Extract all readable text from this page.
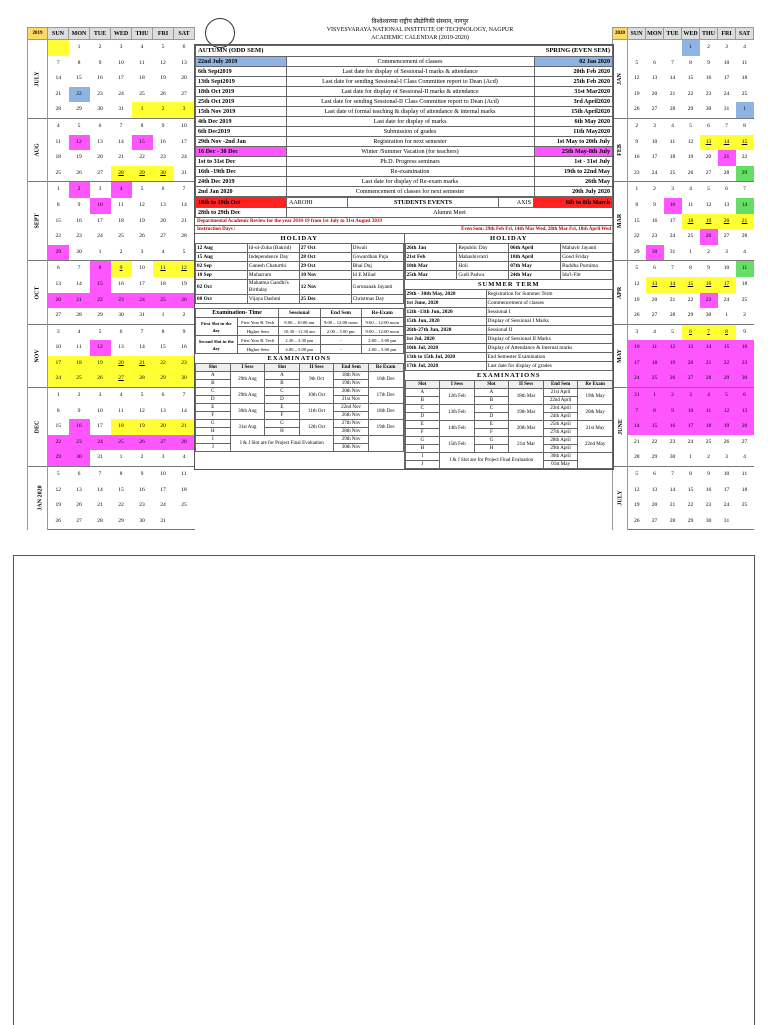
2019	SUN	MON	TUE	WED	THU	FRI	SAT
JULY		1	2	3	4	5	6
	7	8	9	10	11	12	13
	14	15	16	17	18	19	20
	21	22	23	24	25	26	27
	28	29	30	31	1	2	3
AUG	4	5	6	7	8	9	10
	11	12	13	14	15	16	17
	18	19	20	21	22	23	24
	25	26	27	28	29	30	31
SEPT	1	2	3	4	5	6	7
	8	9	10	11	12	13	14
	15	16	17	18	19	20	21
	22	23	24	25	26	27	28
	29	30	1	2	3	4	5
OCT	6	7	8	9	10	11	12
	13	14	15	16	17	18	19
	20	21	22	23	24	25	26
	27	28	29	30	31	1	2
NOV	3	4	5	6	7	8	9
	10	11	12	13	14	15	16
	17	18	19	20	21	22	23
	24	25	26	27	28	29	30
DEC	1	2	3	4	5	6	7
	8	9	10	11	12	13	14
	15	16	17	18	19	20	21
	22	23	24	25	26	27	28
	29	30	31	1	2	3	4
JAN 2020	5	6	7	8	9	10	11
	12	13	14	15	16	17	18
	19	20	21	22	23	24	25
	26	27	28	29	30	31	
2020	SUN	MON	TUE	WED	THU	FRI	SAT
JAN				1	2	3	4
	5	6	7	8	9	10	11
	12	13	14	15	16	17	18
	19	20	21	22	23	24	25
	26	27	28	29	30	31	1
FEB	2	3	4	5	6	7	8
	9	10	11	12	13	14	15
	16	17	18	19	20	21	22
	23	24	25	26	27	28	29
MAR	1	2	3	4	5	6	7
	8	9	10	11	12	13	14
	15	16	17	18	19	20	21
	22	23	24	25	26	27	28
	29	30	31	1	2	3	4
APR	5	6	7	8	9	10	11
	12	13	14	15	16	17	18
	19	20	21	22	23	24	25
	26	27	28	29	30	1	2
MAY	3	4	5	6	7	8	9
	10	11	12	13	14	15	16
	17	18	19	20	21	22	23
	24	25	26	27	28	29	30
JUNE	31	1	2	3	4	5	6
	7	8	9	10	11	12	13
	14	15	16	17	18	19	20
	21	22	23	24	25	26	27
	28	29	30	1	2	3	4
JULY	5	6	7	8	9	10	11
	12	13	14	15	16	17	18
	19	20	21	22	23	24	25
	26	27	28	29	30	31	
विश्वेश्वरय्या राष्ट्रीय प्रौद्योगिकी संस्थान, नागपुर
VISVESVARAYA NATIONAL INSTITUTE OF TECHNOLOGY, NAGPUR
ACADEMIC CALENDAR (2019-2020)
AUTUMN (ODD SEM)		SPRING (EVEN SEM)
22nd July 2019	Commencement of classes	02 Jan 2020
6th Sept2019	Last date for display of Sessional-I marks & attendance	20th Feb 2020
13th Sept2019	Last date for sending Sessional-I Class Committee report to Dean (Acd)	25th Feb 2020
18th Oct 2019	Last date for display of Sessional-II marks & attendance	31st Mar2020
25th Oct 2019	Last date for sending Sessional-II Class Committee report to Dean (Acd)	3rd April2020
15th Nov 2019	Last date of formal teaching & display of attendance & internal marks	15th April2020
4th Dec 2019	Last date for display of marks	6th May 2020
6th Dec2019	Submission of grades	11th May2020
29th Nov -2nd Jan	Registration for next semester	1st May to 20th July
16 Dec - 30 Dec	Winter /Summer Vacation (for teachers)	25th May-8th July
1st to 31st Dec	Ph.D. Progress seminars	1st - 31st July
16th -19th Dec	Re-examination	19th to 22nd May
24th Dec 2019	Last date for display of Re-exam marks	26th May
2nd Jan 2020	Commencement of classes for next semester	20th July 2020
18th to 19th Oct	AAROHI	STUDENTS EVENTS	AXIS	6th to 8th March
28th to 29th Dec	Alumni Meet			
Departmental Academic Review for the year 2018-19 from 1st July to 31st August 2019
Instruction Days :	Even Sem: 29th Feb Fri, 14th Mar Wed, 28th Mar Fri, 18th April Wed
HOLIDAY
12 Aug	Id-ul-Zuha (Bakrid)	27 Oct	Diwali
15 Aug	Independence Day	28 Oct	Gowardhan Puja
02 Sep	Ganesh Chaturthi	29 Oct	Bhai Duj
10 Sep	Muharram	10 Nov	Id E Milad
02 Oct	Mahatma Gandhi's Birthday	12 Nov	Gurunanak Jayanti
08 Oct	Vijaya Dashmi	25 Dec	Christmas Day
Examination- Time		Sessional	End Sem	Re-Exam
First Slot in the day	First Year B. Tech	9:00 – 10:00 am	9:00 – 12:00 noon	9:00 – 12:00 noon
	Higher Sem	10.30 - 11.30 am	2.00 – 5.00 pm	9:00 – 12:00 noon
Second Slot in the day	First Year B. Tech	2.30 – 3.30 pm	-	2:00 – 5:00 pm
	Higher Sem	4.00 – 5.00 pm	-	2:00 – 5:00 pm
EXAMINATIONS
Slot	I Sess	Slot	II Sess	End Sem	Re Exam
A	29th Aug	A	9th Oct	18th Nov	16th Dec
B		B		19th Nov	
C	29th Aug	C	10th Oct	20th Nov	17th Dec
D		D		21st Nov	
E	30th Aug	E	11th Oct	22nd Nov	18th Dec
F		F		26th Nov	
G	31st Aug	G	12th Oct	27th Nov	19th Dec
H		H		28th Nov	
I	I & J Slot are for Project Final Evaluation			29th Nov	
J				30th Nov	
HOLIDAY
26th Jan	Republic Day	06th April	Mahavir Jayanti
21st Feb	Mahashivratri	10th April	Good Friday
10th Mar	Holi	07th May	Buddha Purnima
25th Mar	Gudi Padwa	24th May	Idu'l-Fitr
SUMMER TERM
29th - 30th May, 2020	Registration for Summer Term
1st June, 2020	Commencement of classes
12th -13th Jun, 2020	Sessional I
15th Jun, 2020	Display of Sessional I Marks
26th-27th Jun, 2020	Sessional II
1st Jul, 2020	Display of Sessional II Marks
10th Jul, 2020	Display of Attendance & Internal marks
13th to 15th Jul, 2020	End Semester Examination
17th Jul, 2020	Last date for display of grades
EXAMINATIONS
Slot	I Sess	Slot	II Sess	End Sem	Re Exam
A	12th Feb	A	18th Mar	21st April	19th May
B		B		22nd April	
C	13th Feb	C	19th Mar	23rd April	20th May
D		D		24th April	
E	14th Feb	E	20th Mar	25th April	21st May
F		F		27th April	
G	15th Feb	G	21st Mar	28th April	22nd May
H		H		29th April	
I	I & J Slot are for Project Final Evaluation			30th April	
J				01st May	
